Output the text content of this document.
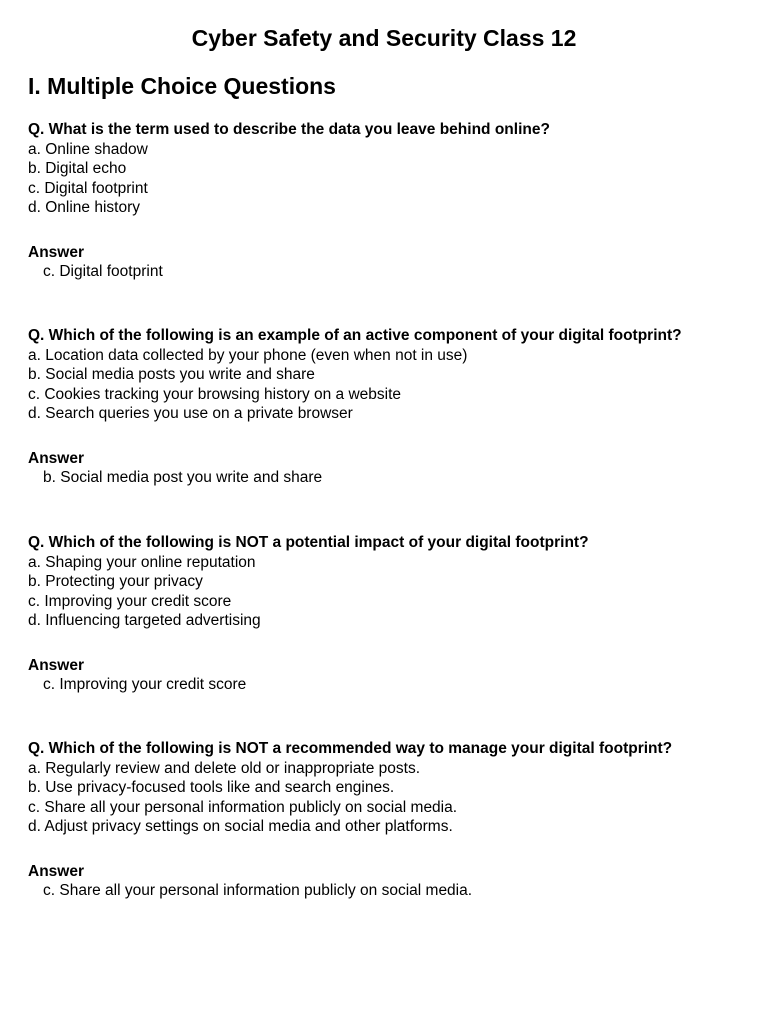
Cyber Safety and Security Class 12
I. Multiple Choice Questions
Q. What is the term used to describe the data you leave behind online?
a. Online shadow
b. Digital echo
c. Digital footprint
d. Online history
Answer
c. Digital footprint
Q. Which of the following is an example of an active component of your digital footprint?
a. Location data collected by your phone (even when not in use)
b. Social media posts you write and share
c. Cookies tracking your browsing history on a website
d. Search queries you use on a private browser
Answer
b. Social media post you write and share
Q. Which of the following is NOT a potential impact of your digital footprint?
a. Shaping your online reputation
b. Protecting your privacy
c. Improving your credit score
d. Influencing targeted advertising
Answer
c. Improving your credit score
Q. Which of the following is NOT a recommended way to manage your digital footprint?
a. Regularly review and delete old or inappropriate posts.
b. Use privacy-focused tools like and search engines.
c. Share all your personal information publicly on social media.
d. Adjust privacy settings on social media and other platforms.
Answer
c. Share all your personal information publicly on social media.
